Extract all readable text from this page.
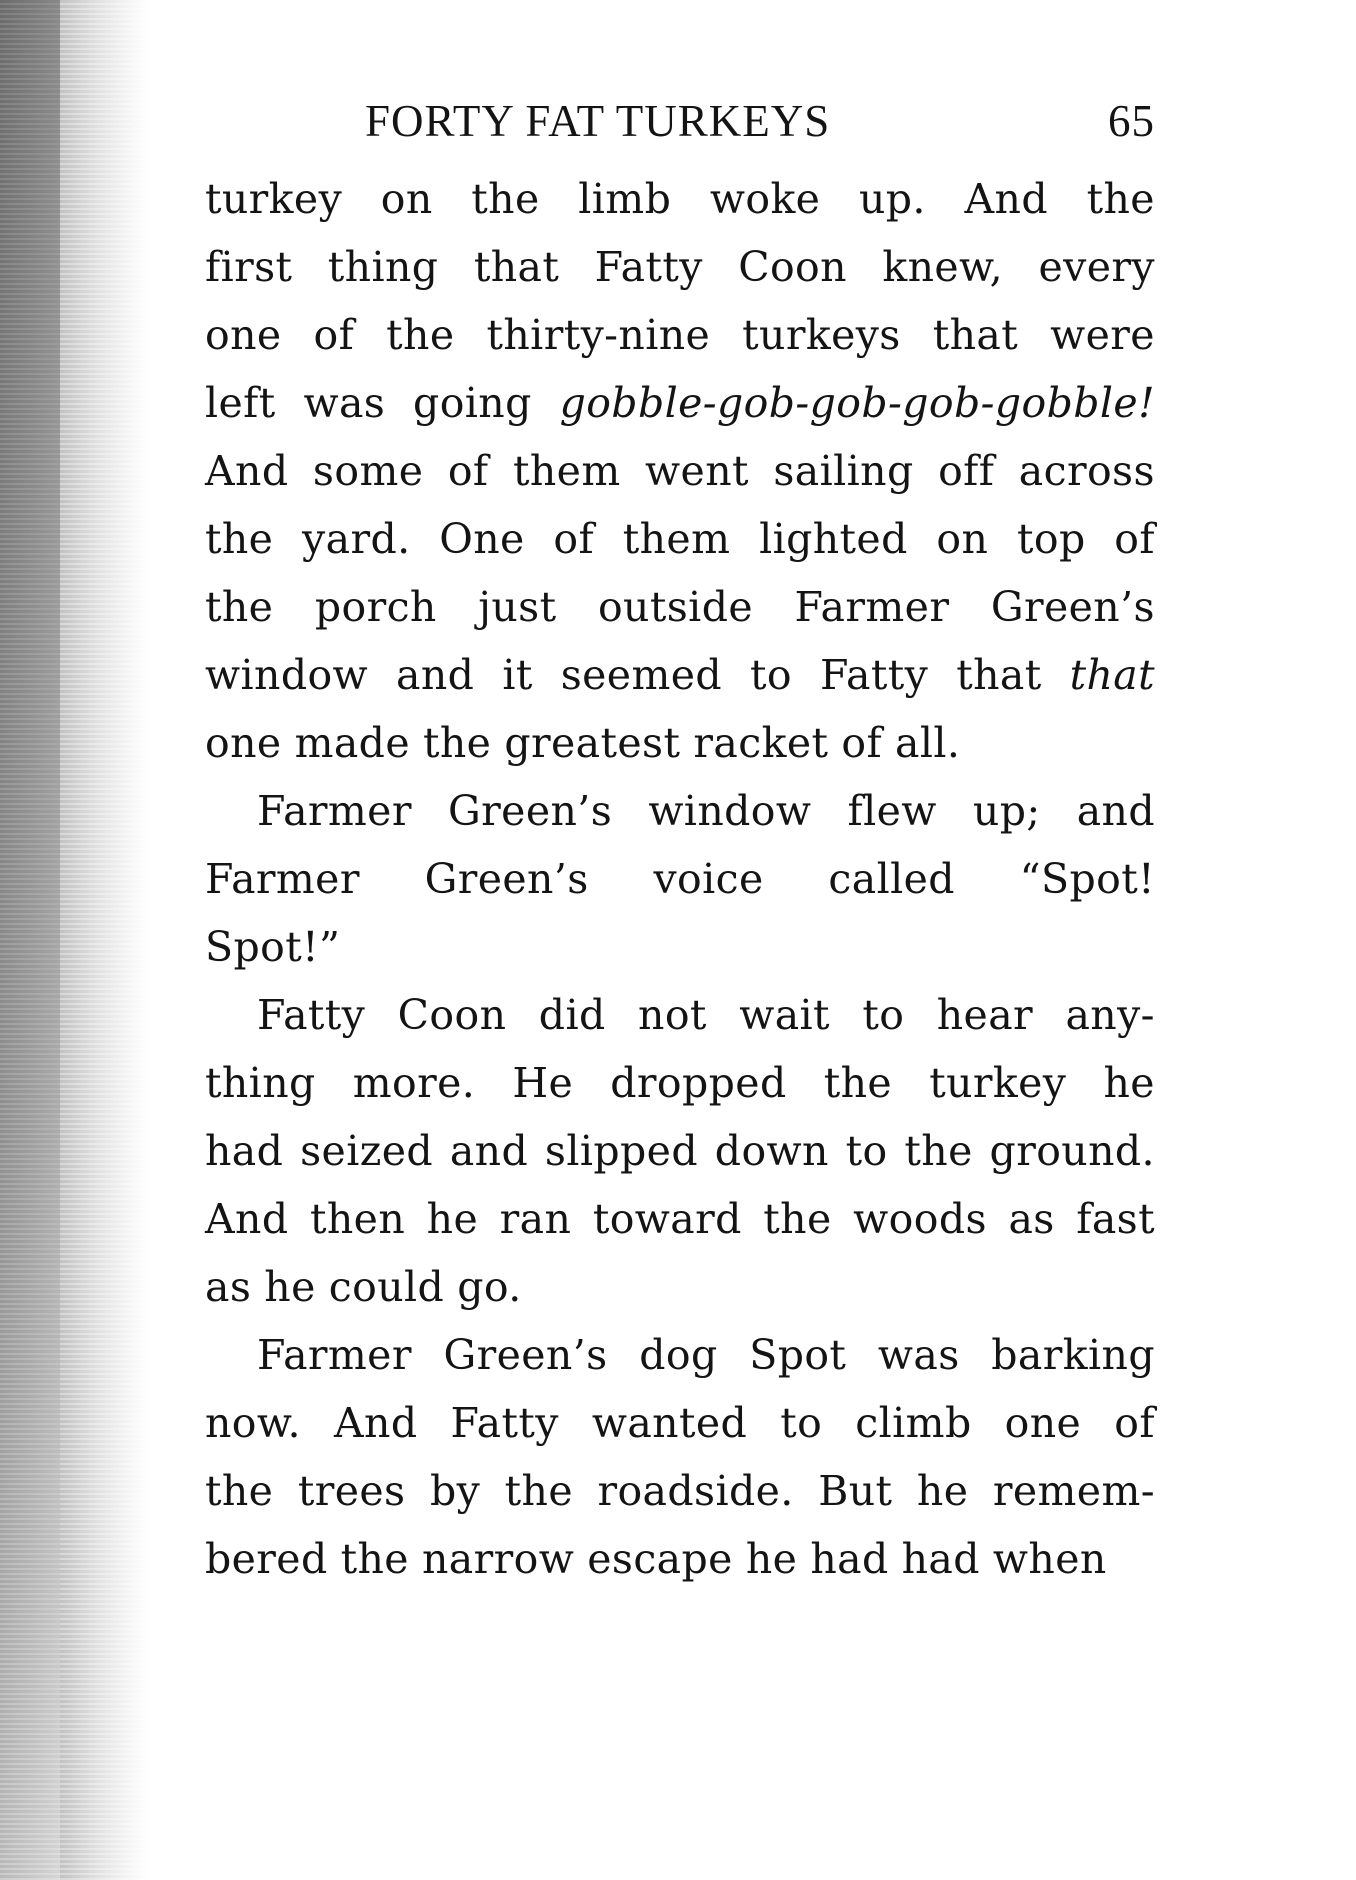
FORTY FAT TURKEYS	65
turkey on the limb woke up. And the
first thing that Fatty Coon knew, every
one of the thirty-nine turkeys that were
left was going gobble-gob-gob-gob-gobble!
And some of them went sailing off across
the yard. One of them lighted on top of
the porch just outside Farmer Green’s
window and it seemed to Fatty that that
one made the greatest racket of all.
Farmer Green’s window flew up; and
Farmer Green’s voice called “Spot!
Spot!”
Fatty Coon did not wait to hear any-
thing more. He dropped the turkey he
had seized and slipped down to the ground.
And then he ran toward the woods as fast
as he could go.
Farmer Green’s dog Spot was barking
now. And Fatty wanted to climb one of
the trees by the roadside. But he remem-
bered the narrow escape he had had when
